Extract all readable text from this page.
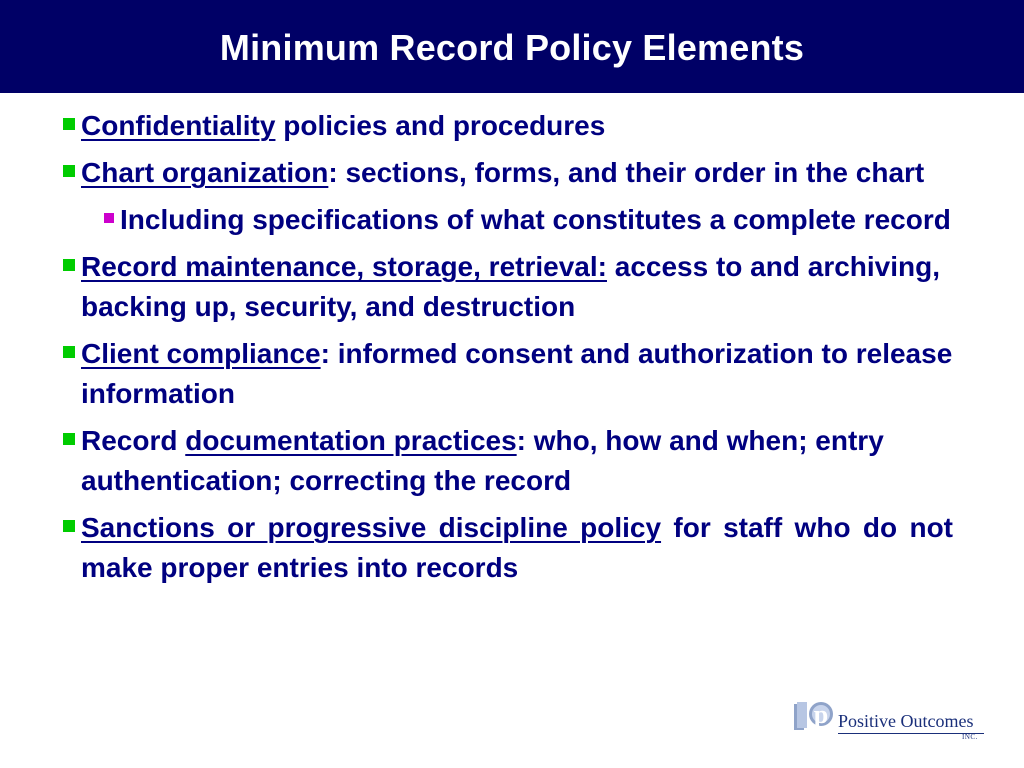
Minimum Record Policy Elements
Confidentiality policies and procedures
Chart organization: sections, forms, and their order in the chart
Including specifications of what constitutes a complete record
Record maintenance, storage, retrieval: access to and archiving, backing up, security, and destruction
Client compliance: informed consent and authorization to release information
Record documentation practices: who, how and when; entry authentication; correcting the record
Sanctions or progressive discipline policy for staff who do not make proper entries into records
p Positive Outcomes
INC.
